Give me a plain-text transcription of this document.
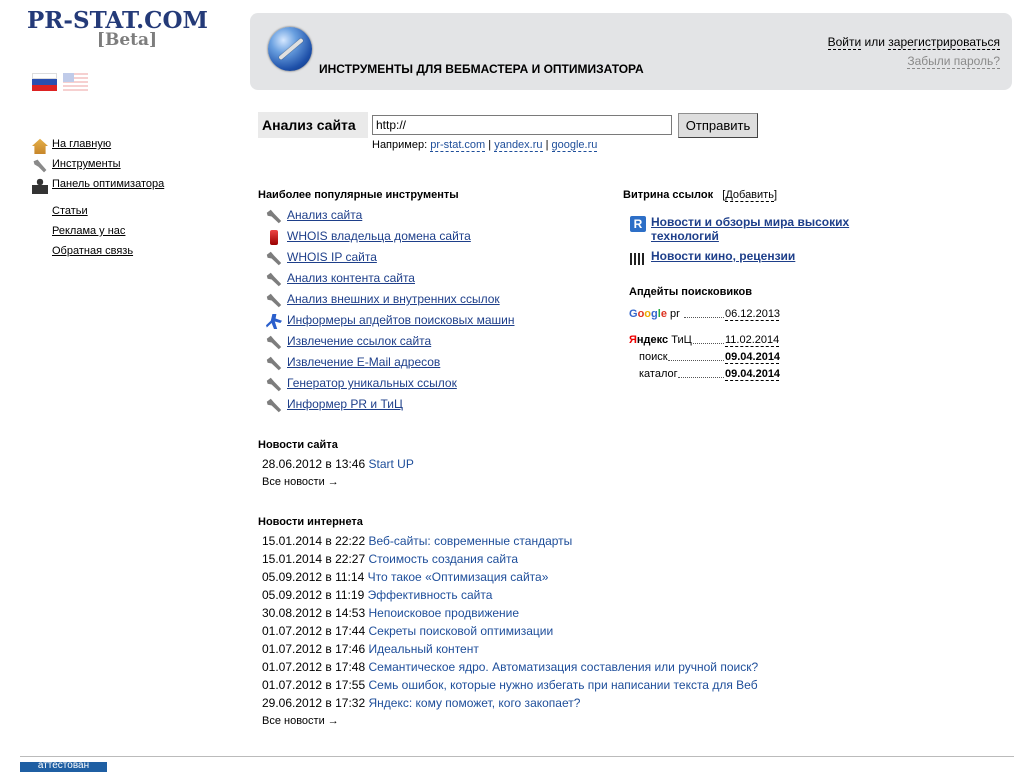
PR-STAT.COM
[Beta]
ИНСТРУМЕНТЫ ДЛЯ ВЕБМАСТЕРА И ОПТИМИЗАТОРА
Войти или зарегистрироваться
Забыли пароль?
На главную
Инструменты
Панель оптимизатора
Статьи
Реклама у нас
Обратная связь
Анализ сайта
http://	Отправить
Например: pr-stat.com | yandex.ru | google.ru
Наиболее популярные инструменты
Анализ сайта
WHOIS владельца домена сайта
WHOIS IP сайта
Анализ контента сайта
Анализ внешних и внутренних ссылок
Информеры апдейтов поисковых машин
Извлечение ссылок сайта
Извлечение E-Mail адресов
Генератор уникальных ссылок
Информер PR и ТиЦ
Новости сайта
28.06.2012 в 13:46 Start UP
Все новости →
Новости интернета
15.01.2014 в 22:22 Веб-сайты: современные стандарты
15.01.2014 в 22:27 Стоимость создания сайта
05.09.2012 в 11:14 Что такое «Оптимизация сайта»
05.09.2012 в 11:19 Эффективность сайта
30.08.2012 в 14:53 Непоисковое продвижение
01.07.2012 в 17:44 Секреты поисковой оптимизации
01.07.2012 в 17:46 Идеальный контент
01.07.2012 в 17:48 Семантическое ядро. Автоматизация составления или ручной поиск?
01.07.2012 в 17:55 Семь ошибок, которые нужно избегать при написании текста для Веб
29.06.2012 в 17:32 Яндекс: кому поможет, кого закопает?
Все новости →
Витрина ссылок   [Добавить]
R Новости и обзоры мира высоких технологий
Новости кино, рецензии
Апдейты поисковиков
Google pr	06.12.2013
Яндекс ТиЦ	11.02.2014
поиск	09.04.2014
каталог	09.04.2014
аттестован
